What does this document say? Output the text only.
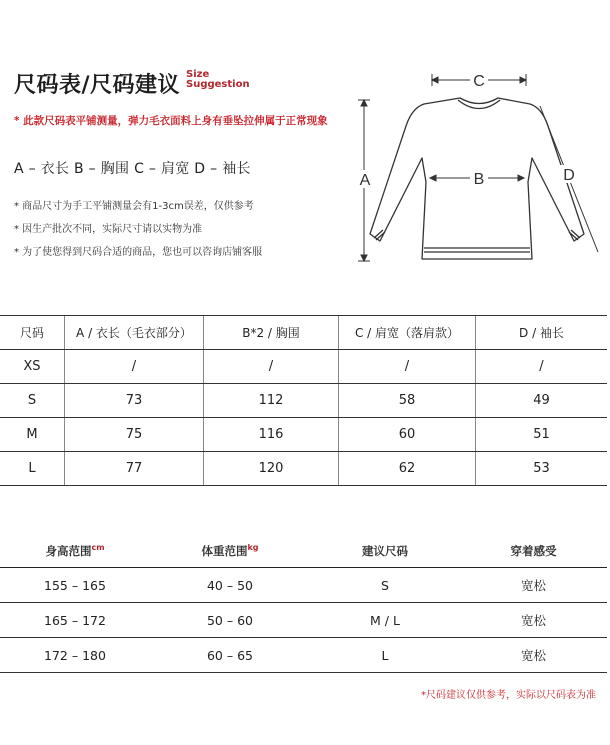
尺码表/尺码建议 Size
Suggestion
* 此款尺码表平铺测量，弹力毛衣面料上身有垂坠拉伸属于正常现象
A – 衣长 B – 胸围 C – 肩宽 D – 袖长
* 商品尺寸为手工平铺测量会有1-3cm误差，仅供参考
* 因生产批次不同，实际尺寸请以实物为准
* 为了使您得到尺码合适的商品，您也可以咨询店铺客服
C
A	B	D
尺码	A / 衣长（毛衣部分）	B*2 / 胸围	C / 肩宽（落肩款）	D / 袖长
XS	/	/	/	/
S	73	112	58	49
M	75	116	60	51
L	77	120	62	53
身高范围$^{cm}$	体重范围$^{kg}$	建议尺码	穿着感受
155 – 165	40 – 50	S	宽松
165 – 172	50 – 60	M / L	宽松
172 – 180	60 – 65	L	宽松
*尺码建议仅供参考，实际以尺码表为准
